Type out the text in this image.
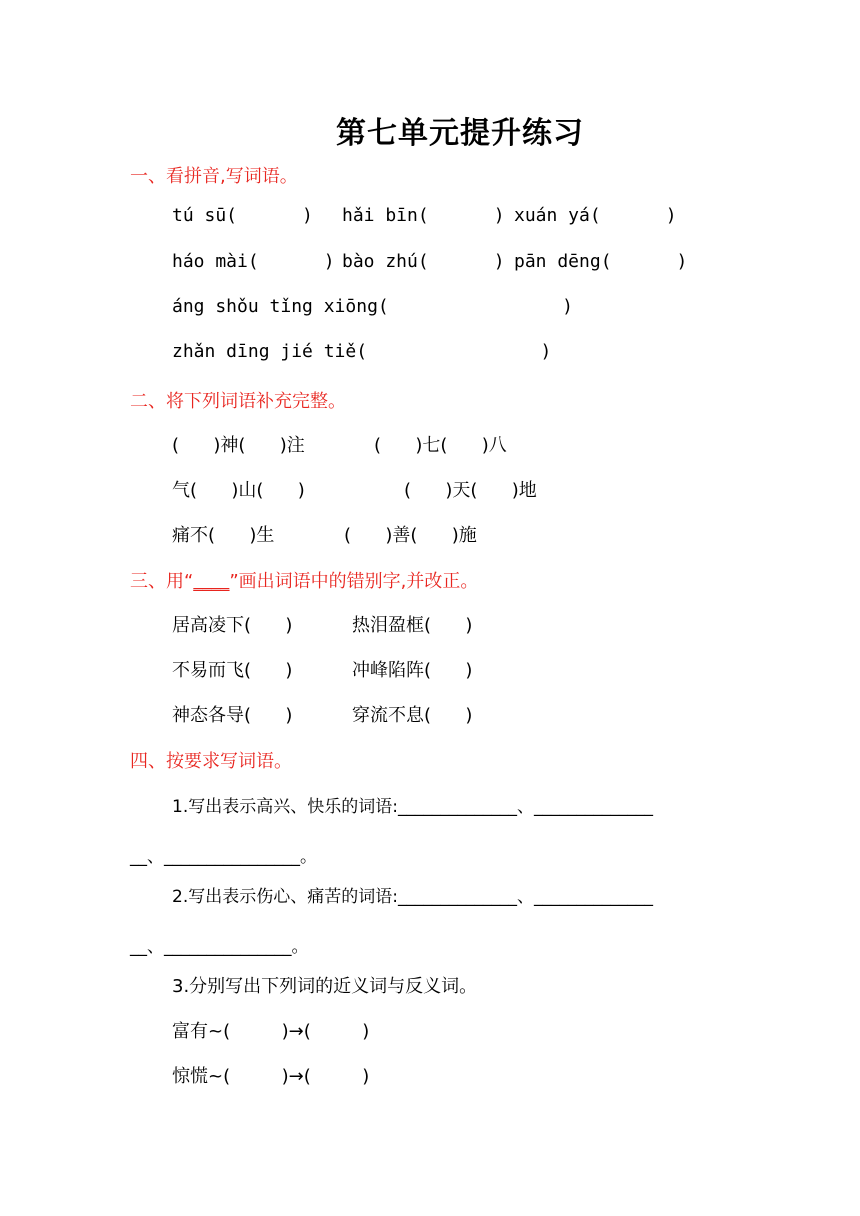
第七单元提升练习
一、看拼音,写词语。
tú sū(      ) hǎi bīn(      ) xuán yá(      )
háo mài(      ) bào zhú(      ) pān dēng(      )
áng shǒu tǐng xiōng(                )
zhǎn dīng jié tiě(                )
二、将下列词语补充完整。
(      )神(      )注	(      )七(      )八
气(      )山(      )	(      )天(      )地
痛不(      )生	(      )善(      )施
三、用“____”画出词语中的错别字,并改正。
居高凌下(      )	热泪盈框(      )
不易而飞(      )	冲峰陷阵(      )
神态各导(      )	穿流不息(      )
四、按要求写词语。
1.写出表示高兴、快乐的词语:______________、______________
__、________________。
2.写出表示伤心、痛苦的词语:______________、______________
__、_______________。
3.分别写出下列词的近义词与反义词。
富有~(         )→(         )
惊慌~(         )→(         )
